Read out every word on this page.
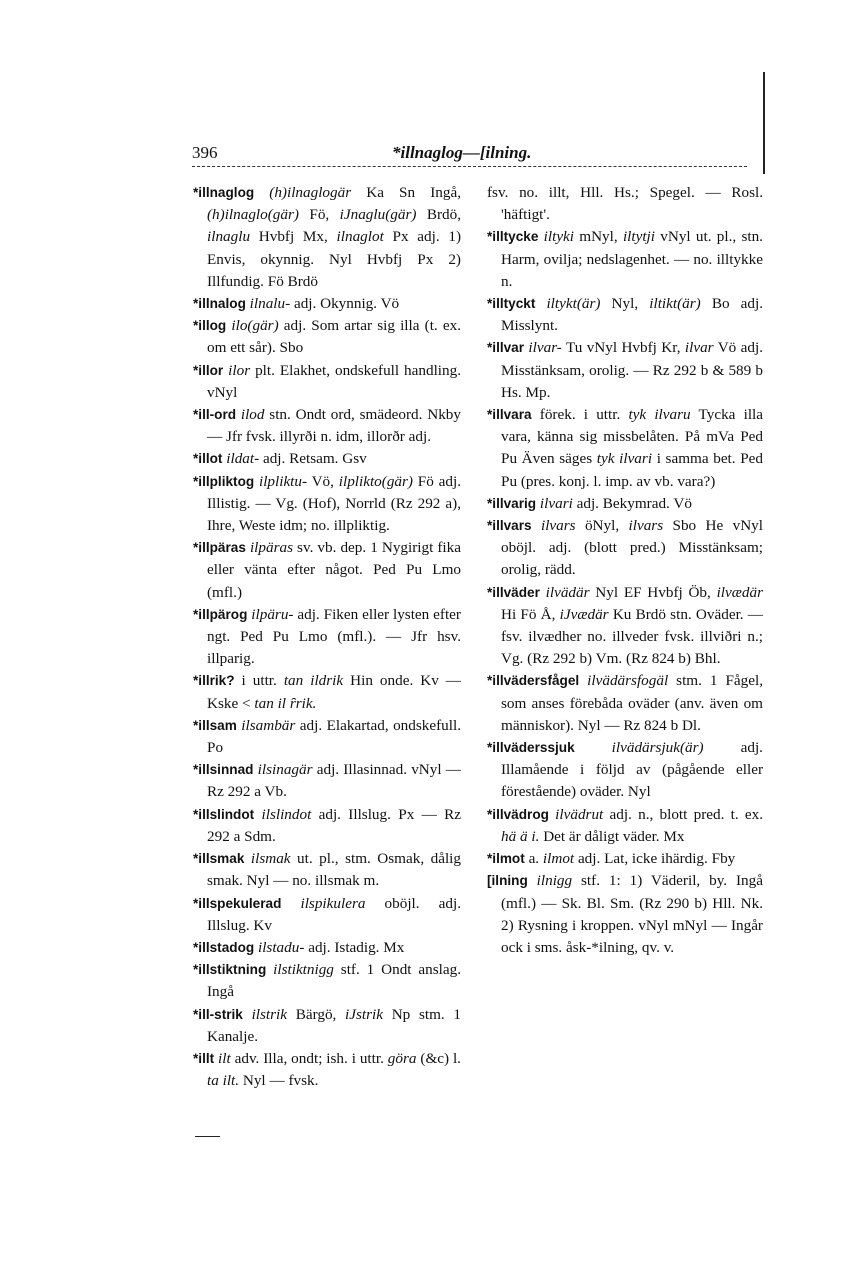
396	*illnaglog—[ilning.

*illnaglog (h)ilnaglogär Ka Sn Ingå, (h)ilnaglo(gär) Fö, iJnaglu(gär) Brdö, ilnaglu Hvbfj Mx, ilnaglot Px adj. 1) Envis, okynnig. Nyl Hvbfj Px 2) Illfundig. Fö Brdö

*illnalog ilnalu- adj. Okynnig. Vö

*illog ilo(gär) adj. Som artar sig illa (t. ex. om ett sår). Sbo

*illor ilor plt. Elakhet, ondskefull handling. vNyl

*ill-ord ilod stn. Ondt ord, smädeord. Nkby — Jfr fvsk. illyrði n. idm, illorðr adj.

*illot ildat- adj. Retsam. Gsv

*illpliktog ilpliktu- Vö, ilplikto(gär) Fö adj. Illistig. — Vg. (Hof), Norrld (Rz 292 a), Ihre, Weste idm; no. illpliktig.

*illpäras ilpäras sv. vb. dep. 1 Nygirigt fika eller vänta efter något. Ped Pu Lmo (mfl.)

*illpärog ilpäru- adj. Fiken eller lysten efter ngt. Ped Pu Lmo (mfl.). — Jfr hsv. illparig.

*illrik? i uttr. tan ildrik Hin onde. Kv — Kske < tan il ȓrik.

*illsam ilsambär adj. Elakartad, ondskefull. Po

*illsinnad ilsinagär adj. Illasinnad. vNyl — Rz 292 a Vb.

*illslindot ilslindot adj. Illslug. Px — Rz 292 a Sdm.

*illsmak ilsmak ut. pl., stm. Osmak, dålig smak. Nyl — no. illsmak m.

*illspekulerad ilspikulera oböjl. adj. Illslug. Kv

*illstadog ilstadu- adj. Istadig. Mx

*illstiktning ilstiktnigg stf. 1 Ondt anslag. Ingå

*ill-strik ilstrik Bärgö, iJstrik Np stm. 1 Kanalje.

*illt ilt adv. Illa, ondt; ish. i uttr. göra (&c) l. ta ilt. Nyl — fvsk.

fsv. no. illt, Hll. Hs.; Spegel. — Rosl. 'häftigt'.

*illtycke iltyki mNyl, iltytji vNyl ut. pl., stn. Harm, ovilja; nedslagenhet. — no. illtykke n.

*illtyckt iltykt(är) Nyl, iltikt(är) Bo adj. Misslynt.

*illvar ilvar- Tu vNyl Hvbfj Kr, ilvar Vö adj. Misstänksam, orolig. — Rz 292 b & 589 b Hs. Mp.

*illvara förek. i uttr. tyk ilvaru Tycka illa vara, känna sig missbelåten. På mVa Ped Pu Även säges tyk ilvari i samma bet. Ped Pu (pres. konj. l. imp. av vb. vara?)

*illvarig ilvari adj. Bekymrad. Vö

*illvars ilvars öNyl, ilvars Sbo He vNyl oböjl. adj. (blott pred.) Misstänksam; orolig, rädd.

*illväder ilvädär Nyl EF Hvbfj Öb, ilvædär Hi Fö Å, iJvædär Ku Brdö stn. Oväder. — fsv. ilvædher no. illveder fvsk. illviðri n.; Vg. (Rz 292 b) Vm. (Rz 824 b) Bhl.

*illvädersfågel ilvädärsfogäl stm. 1 Fågel, som anses förebåda oväder (anv. även om människor). Nyl — Rz 824 b Dl.

*illväderssjuk ilvädärsjuk(är) adj. Illamående i följd av (pågående eller förestående) oväder. Nyl

*illvädrog ilvädrut adj. n., blott pred. t. ex. hä ä i. Det är dåligt väder. Mx

*ilmot a. ilmot adj. Lat, icke ihärdig. Fby

[ilning ilnigg stf. 1: 1) Väderil, by. Ingå (mfl.) — Sk. Bl. Sm. (Rz 290 b) Hll. Nk. 2) Rysning i kroppen. vNyl mNyl — Ingår ock i sms. åsk-*ilning, qv. v.
